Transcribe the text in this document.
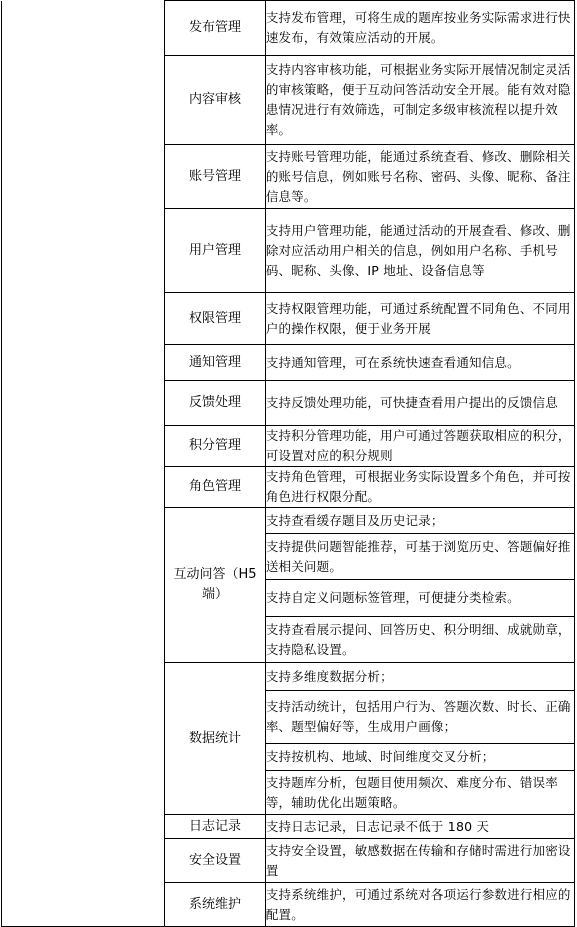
	发布管理	支持发布管理，可将生成的题库按业务实际需求进行快速发布，有效策应活动的开展。
	内容审核	支持内容审核功能，可根据业务实际开展情况制定灵活的审核策略，便于互动问答活动安全开展。能有效对隐患情况进行有效筛选，可制定多级审核流程以提升效率。
	账号管理	支持账号管理功能，能通过系统查看、修改、删除相关的账号信息，例如账号名称、密码、头像、昵称、备注信息等。
	用户管理	支持用户管理功能，能通过活动的开展查看、修改、删除对应活动用户相关的信息，例如用户名称、手机号码、昵称、头像、IP 地址、设备信息等
	权限管理	支持权限管理功能，可通过系统配置不同角色、不同用户的操作权限，便于业务开展
	通知管理	支持通知管理，可在系统快速查看通知信息。
	反馈处理	支持反馈处理功能，可快捷查看用户提出的反馈信息
	积分管理	支持积分管理功能，用户可通过答题获取相应的积分，可设置对应的积分规则
	角色管理	支持角色管理，可根据业务实际设置多个角色，并可按角色进行权限分配。
	互动问答（H5端）	支持查看缓存题目及历史记录；
		支持提供问题智能推荐，可基于浏览历史、答题偏好推送相关问题。
		支持自定义问题标签管理，可便捷分类检索。
		支持查看展示提问、回答历史、积分明细、成就勋章，支持隐私设置。
	数据统计	支持多维度数据分析；
		支持活动统计，包括用户行为、答题次数、时长、正确率、题型偏好等，生成用户画像；
		支持按机构、地域、时间维度交叉分析；
		支持题库分析，包题目使用频次、难度分布、错误率等，辅助优化出题策略。
	日志记录	支持日志记录，日志记录不低于 180 天
	安全设置	支持安全设置，敏感数据在传输和存储时需进行加密设置
	系统维护	支持系统维护，可通过系统对各项运行参数进行相应的配置。
